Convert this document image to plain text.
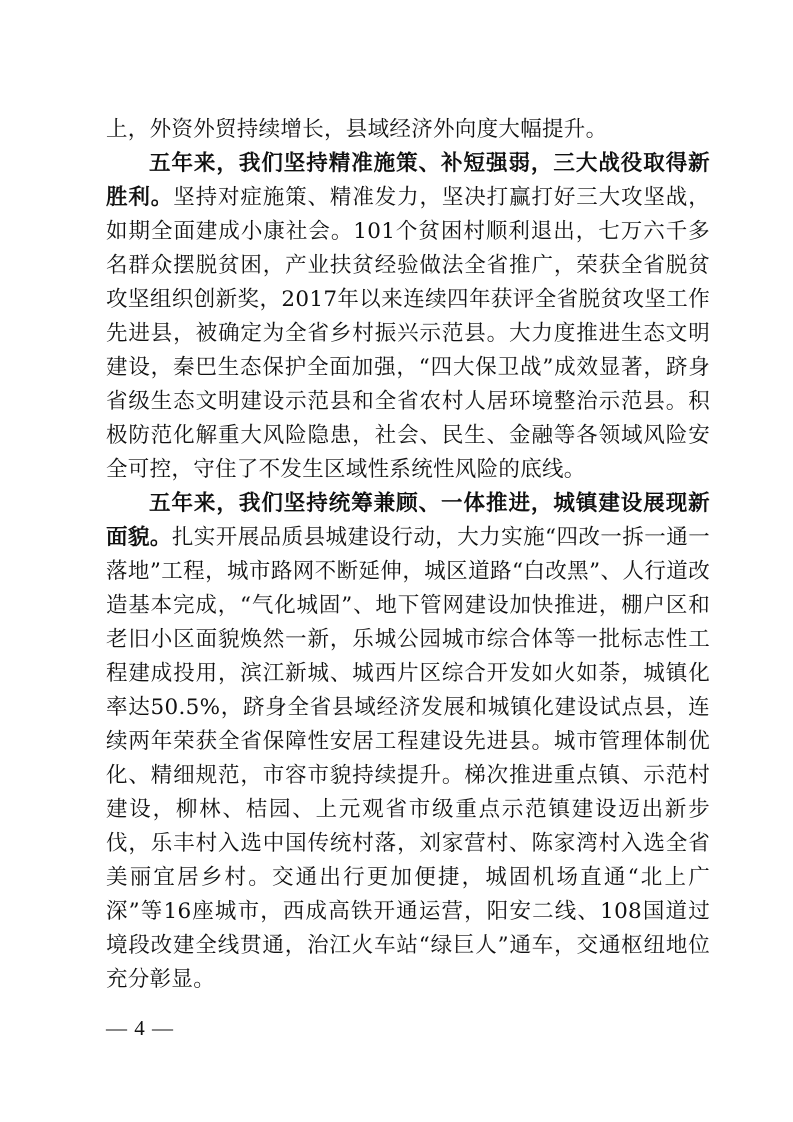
上，外资外贸持续增长，县域经济外向度大幅提升。

五年来，我们坚持精准施策、补短强弱，三大战役取得新胜利。坚持对症施策、精准发力，坚决打赢打好三大攻坚战，如期全面建成小康社会。101个贫困村顺利退出，七万六千多名群众摆脱贫困，产业扶贫经验做法全省推广，荣获全省脱贫攻坚组织创新奖，2017年以来连续四年获评全省脱贫攻坚工作先进县，被确定为全省乡村振兴示范县。大力度推进生态文明建设，秦巴生态保护全面加强，“四大保卫战”成效显著，跻身省级生态文明建设示范县和全省农村人居环境整治示范县。积极防范化解重大风险隐患，社会、民生、金融等各领域风险安全可控，守住了不发生区域性系统性风险的底线。

五年来，我们坚持统筹兼顾、一体推进，城镇建设展现新面貌。扎实开展品质县城建设行动，大力实施“四改一拆一通一落地”工程，城市路网不断延伸，城区道路“白改黑”、人行道改造基本完成，“气化城固”、地下管网建设加快推进，棚户区和老旧小区面貌焕然一新，乐城公园城市综合体等一批标志性工程建成投用，滨江新城、城西片区综合开发如火如荼，城镇化率达50.5%，跻身全省县域经济发展和城镇化建设试点县，连续两年荣获全省保障性安居工程建设先进县。城市管理体制优化、精细规范，市容市貌持续提升。梯次推进重点镇、示范村建设，柳林、桔园、上元观省市级重点示范镇建设迈出新步伐，乐丰村入选中国传统村落，刘家营村、陈家湾村入选全省美丽宜居乡村。交通出行更加便捷，城固机场直通“北上广深”等16座城市，西成高铁开通运营，阳安二线、108国道过境段改建全线贯通，治江火车站“绿巨人”通车，交通枢纽地位充分彰显。

— 4 —
